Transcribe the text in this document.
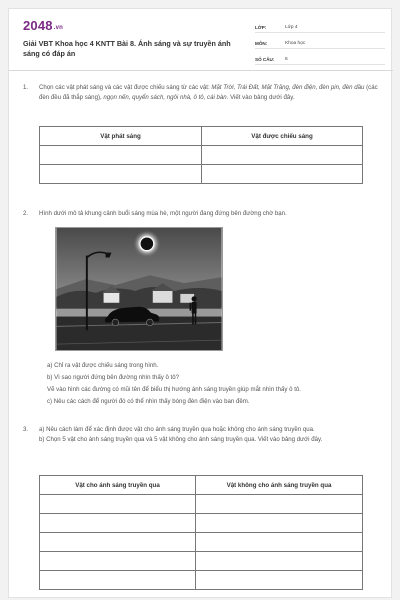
2048.vn
Giải VBT Khoa học 4 KNTT Bài 8. Ánh sáng và sự truyền ánh sáng có đáp án
LỚP:	Lớp 4
MÔN:	Khoa học
SỐ CÂU:	6
1. Chọn các vật phát sáng và các vật được chiếu sáng từ các vật: Mặt Trời, Trái Đất, Mặt Trăng, đèn điện, đèn pin, đèn dầu (các đèn đều đã thắp sáng), ngọn nến, quyển sách, ngôi nhà, ô tô, cái bàn. Viết vào bảng dưới đây.
Vật phát sáng	Vật được chiếu sáng

2. Hình dưới mô tả khung cảnh buổi sáng mùa hè, một người đang đứng bên đường chờ bạn.
a) Chỉ ra vật được chiếu sáng trong hình.
b) Vì sao người đứng bên đường nhìn thấy ô tô?
Vẽ vào hình các đường có mũi tên để biểu thị hướng ánh sáng truyền giúp mắt nhìn thấy ô tô.
c) Nêu các cách để người đó có thể nhìn thấy bóng đèn điện vào ban đêm.
3. a) Nêu cách làm để xác định được vật cho ánh sáng truyền qua hoặc không cho ánh sáng truyền qua.
b) Chọn 5 vật cho ánh sáng truyền qua và 5 vật không cho ánh sáng truyền qua. Viết vào bảng dưới đây.
Vật cho ánh sáng truyền qua	Vật không cho ánh sáng truyền qua
